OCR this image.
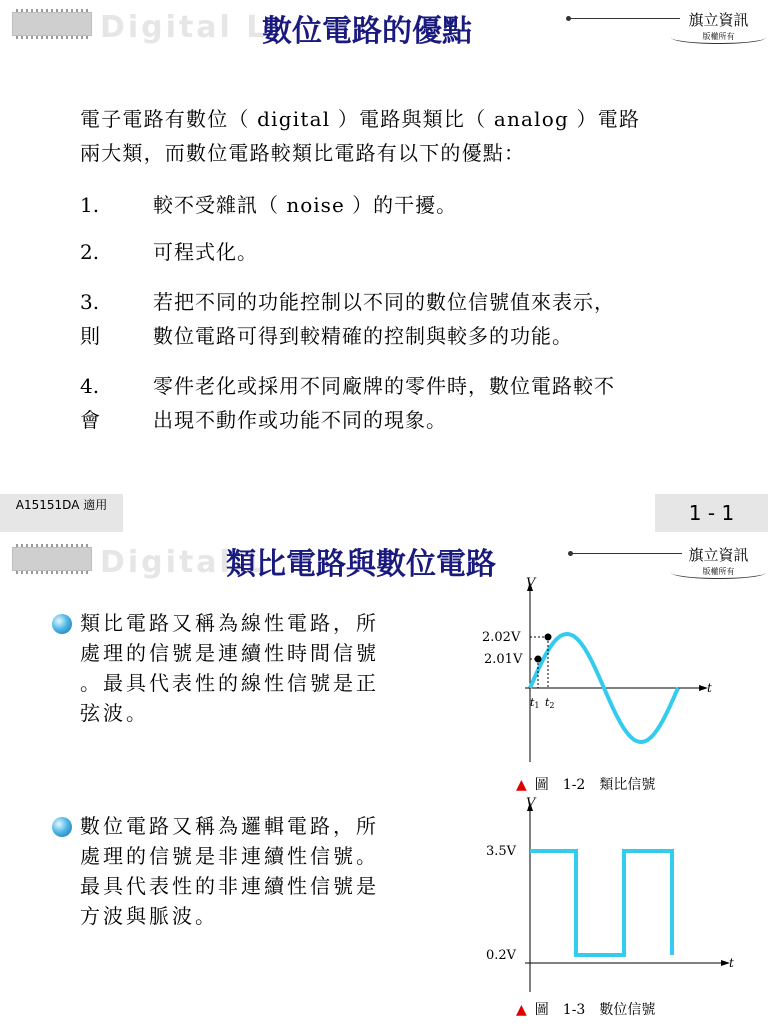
Digital L
數位電路的優點	旗立資訊
版權所有
電子電路有數位（ digital ）電路與類比（ analog ）電路
兩大類，而數位電路較類比電路有以下的優點：
1.	較不受雜訊（ noise ）的干擾。
2.	可程式化。
3.	若把不同的功能控制以不同的數位信號值來表示，
則	數位電路可得到較精確的控制與較多的功能。
4.	零件老化或採用不同廠牌的零件時，數位電路較不
會	出現不動作或功能不同的現象。
A15151DA 適用	1 - 1
Digital L
類比電路與數位電路	旗立資訊
版權所有
類比電路又稱為線性電路，所
處理的信號是連續性時間信號
。最具代表性的線性信號是正
弦波。
數位電路又稱為邏輯電路，所
處理的信號是非連續性信號。
最具代表性的非連續性信號是
方波與脈波。
V
t
2.02V
2.01V
t1 t2
▲ 圖　1-2　類比信號
V
t
3.5V
0.2V
▲ 圖　1-3　數位信號
